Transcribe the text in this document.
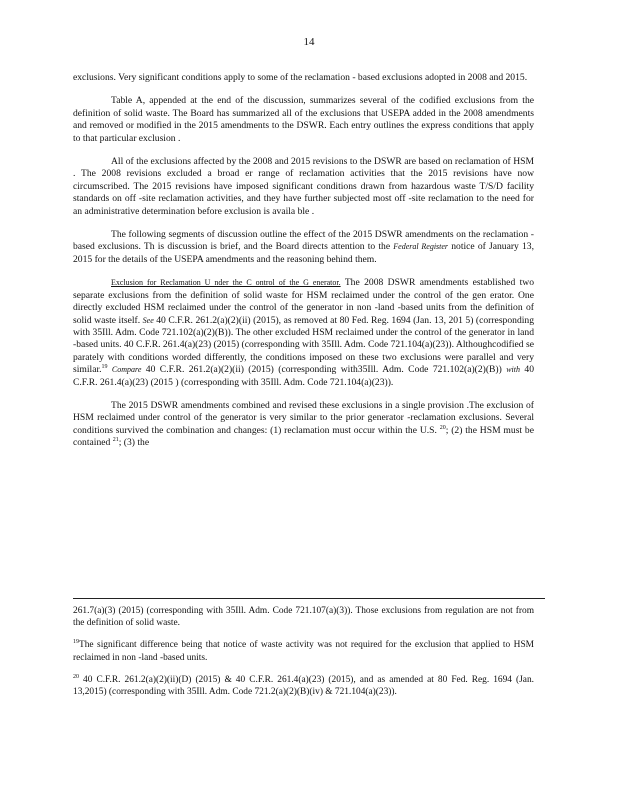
14

exclusions. Very significant conditions apply to some of the reclamation - based exclusions adopted in 2008 and 2015.

Table A, appended at the end of the discussion, summarizes several of the codified exclusions from the definition of solid waste. The Board has summarized all of the exclusions that USEPA added in the 2008 amendments and removed or modified in the 2015 amendments to the DSWR. Each entry outlines the express conditions that apply to that particular exclusion .

All of the exclusions affected by the 2008 and 2015 revisions to the DSWR are based on reclamation of HSM . The 2008 revisions excluded a broad er range of reclamation activities that the 2015 revisions have now circumscribed. The 2015 revisions have imposed significant conditions drawn from hazardous waste T/S/D facility standards on off -site reclamation activities, and they have further subjected most off -site reclamation to the need for an administrative determination before exclusion is availa ble .

The following segments of discussion outline the effect of the 2015 DSWR amendments on the reclamation -based exclusions. Th is discussion is brief, and the Board directs attention to the Federal Register notice of January 13, 2015 for the details of the USEPA amendments and the reasoning behind them.

Exclusion for Reclamation U nder the C ontrol of the G enerator. The 2008 DSWR amendments established two separate exclusions from the definition of solid waste for HSM reclaimed under the control of the gen erator. One directly excluded HSM reclaimed under the control of the generator in non -land -based units from the definition of solid waste itself. See 40 C.F.R. 261.2(a)(2)(ii) (2015), as removed at 80 Fed. Reg. 1694 (Jan. 13, 201 5) (corresponding with 35Ill. Adm. Code 721.102(a)(2)(B)). The other excluded HSM reclaimed under the control of the generator in land -based units. 40 C.F.R. 261.4(a)(23) (2015) (corresponding with 35Ill. Adm. Code 721.104(a)(23)). Althoughcodified se parately with conditions worded differently, the conditions imposed on these two exclusions were parallel and very similar.$^{19}$ Compare 40 C.F.R. 261.2(a)(2)(ii) (2015) (corresponding with35Ill. Adm. Code 721.102(a)(2)(B)) with 40 C.F.R. 261.4(a)(23) (2015 ) (corresponding with 35Ill. Adm. Code 721.104(a)(23)).

The 2015 DSWR amendments combined and revised these exclusions in a single provision .The exclusion of HSM reclaimed under control of the generator is very similar to the prior generator -reclamation exclusions. Several conditions survived the combination and changes: (1) reclamation must occur within the U.S. $^{20}$; (2) the HSM must be contained $^{21}$; (3) the

261.7(a)(3) (2015) (corresponding with 35Ill. Adm. Code 721.107(a)(3)). Those exclusions from regulation are not from the definition of solid waste.

$^{19}$The significant difference being that notice of waste activity was not required for the exclusion that applied to HSM reclaimed in non -land -based units.

$^{20}$ 40 C.F.R. 261.2(a)(2)(ii)(D) (2015) & 40 C.F.R. 261.4(a)(23) (2015), and as amended at 80 Fed. Reg. 1694 (Jan. 13,2015) (corresponding with 35Ill. Adm. Code 721.2(a)(2)(B)(iv) & 721.104(a)(23)).
